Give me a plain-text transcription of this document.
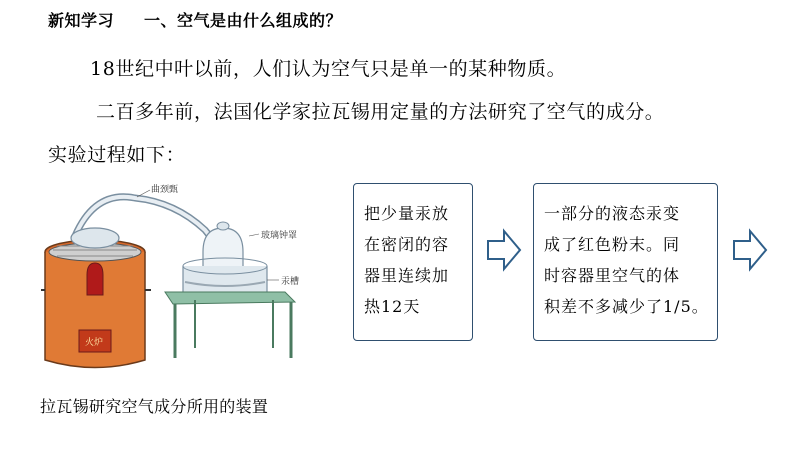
新知学习 一、空气是由什么组成的？
18世纪中叶以前，人们认为空气只是单一的某种物质。
二百多年前，法国化学家拉瓦锡用定量的方法研究了空气的成分。
实验过程如下：
曲颈甄
玻璃钟罩
汞槽
火炉
把少量汞放
在密闭的容
器里连续加
热12天
一部分的液态汞变
成了红色粉末。同
时容器里空气的体
积差不多减少了1/5。
拉瓦锡研究空气成分所用的装置
